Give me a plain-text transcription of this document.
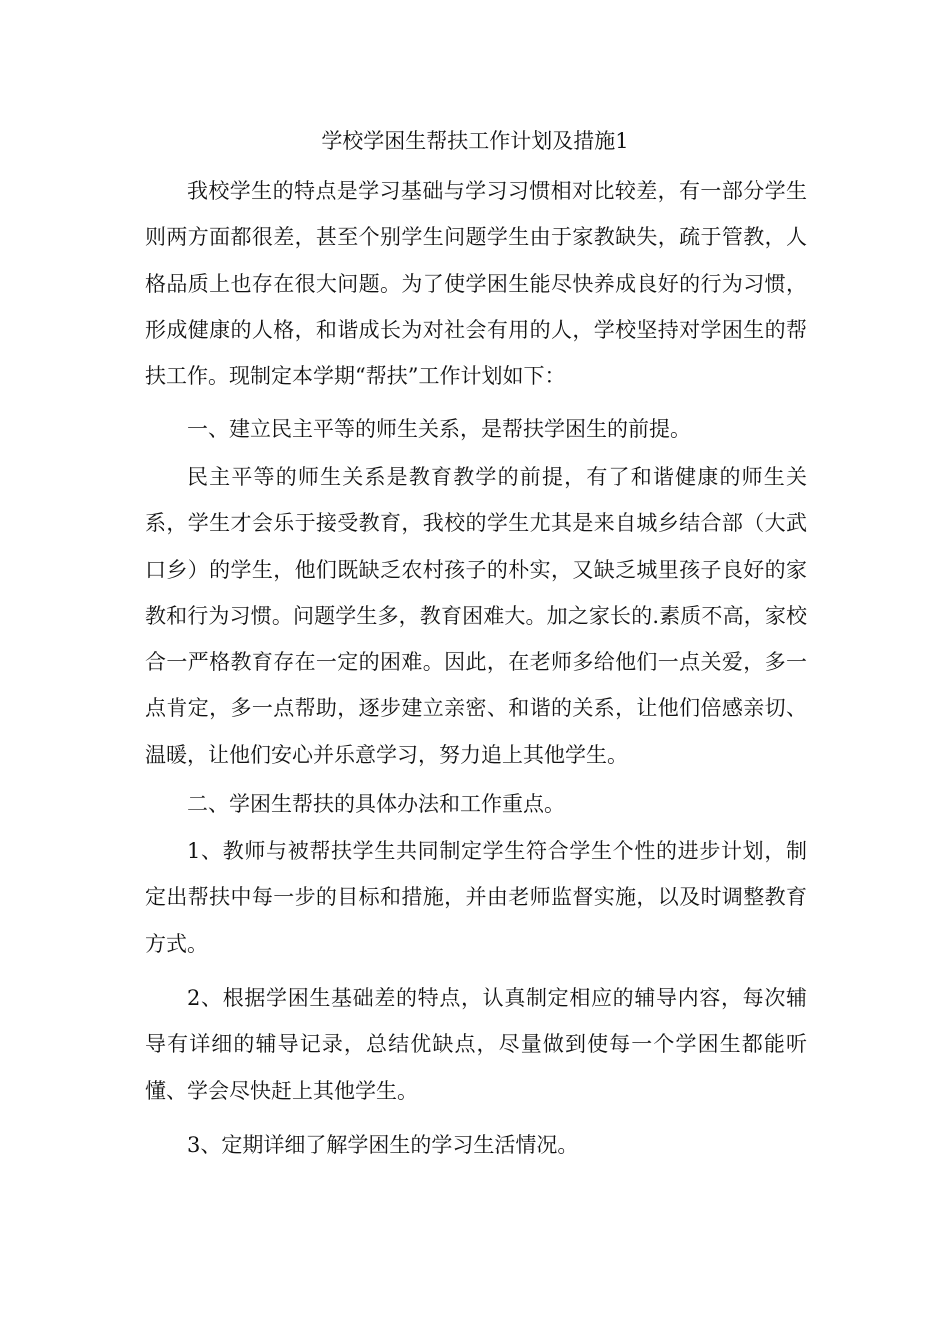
学校学困生帮扶工作计划及措施1

我校学生的特点是学习基础与学习习惯相对比较差，有一部分学生则两方面都很差，甚至个别学生问题学生由于家教缺失，疏于管教，人格品质上也存在很大问题。为了使学困生能尽快养成良好的行为习惯，形成健康的人格，和谐成长为对社会有用的人，学校坚持对学困生的帮扶工作。现制定本学期“帮扶”工作计划如下：

一、建立民主平等的师生关系，是帮扶学困生的前提。

民主平等的师生关系是教育教学的前提，有了和谐健康的师生关系，学生才会乐于接受教育，我校的学生尤其是来自城乡结合部（大武口乡）的学生，他们既缺乏农村孩子的朴实，又缺乏城里孩子良好的家教和行为习惯。问题学生多，教育困难大。加之家长的.素质不高，家校合一严格教育存在一定的困难。因此，在老师多给他们一点关爱，多一点肯定，多一点帮助，逐步建立亲密、和谐的关系，让他们倍感亲切、温暖，让他们安心并乐意学习，努力追上其他学生。

二、学困生帮扶的具体办法和工作重点。

1、教师与被帮扶学生共同制定学生符合学生个性的进步计划，制定出帮扶中每一步的目标和措施，并由老师监督实施，以及时调整教育方式。

2、根据学困生基础差的特点，认真制定相应的辅导内容，每次辅导有详细的辅导记录，总结优缺点，尽量做到使每一个学困生都能听懂、学会尽快赶上其他学生。

3、定期详细了解学困生的学习生活情况。
